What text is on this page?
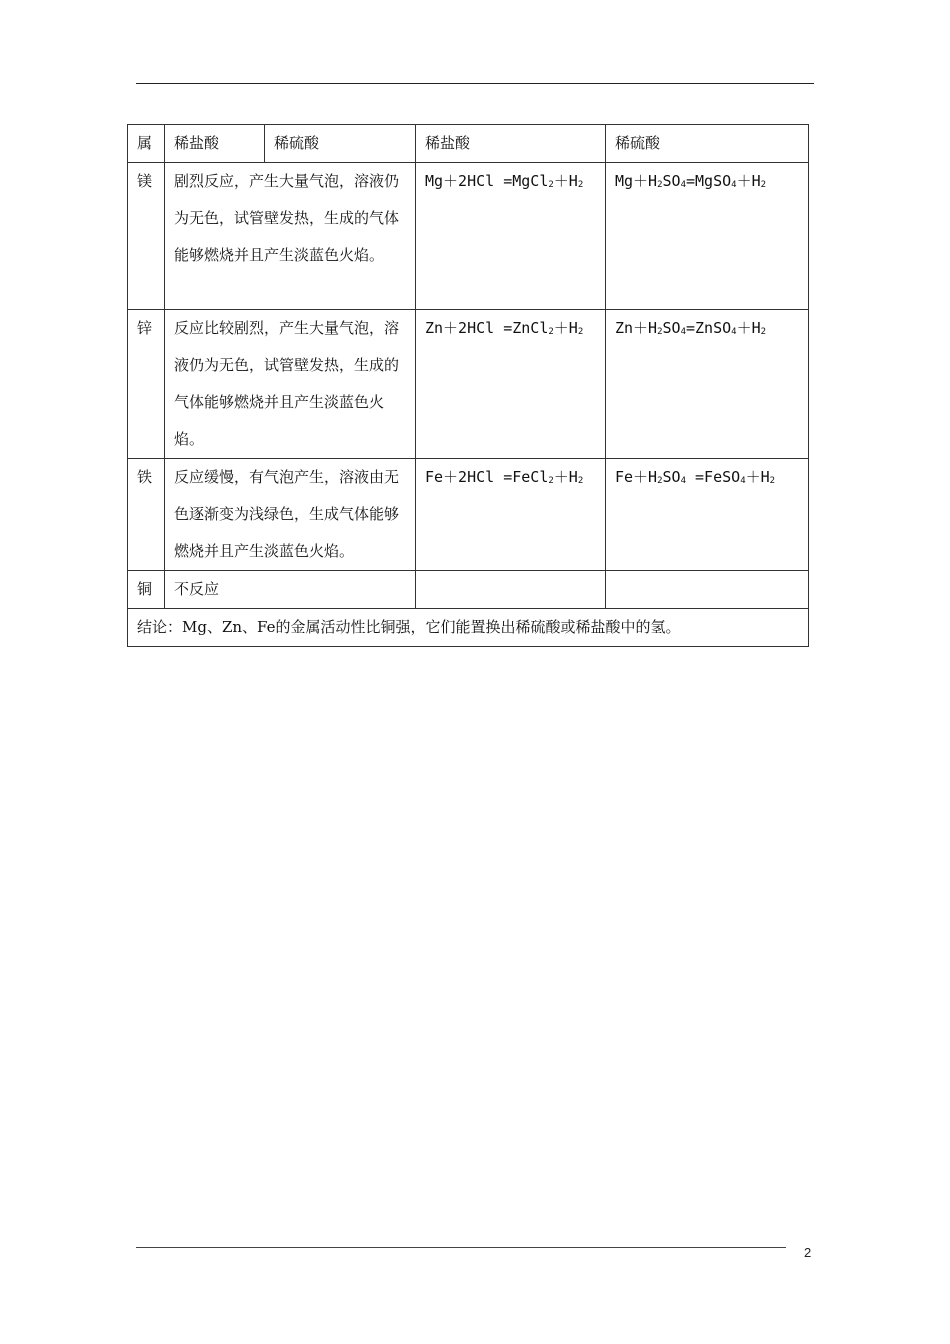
属	稀盐酸	稀硫酸	稀盐酸	稀硫酸
镁	剧烈反应，产生大量气泡，溶液仍为无色，试管壁发热，生成的气体能够燃烧并且产生淡蓝色火焰。		$Mg+2HCl =MgCl_2+H_2$	$Mg+H_2SO_4=MgSO_4+H_2$
锌	反应比较剧烈，产生大量气泡，溶液仍为无色，试管壁发热，生成的气体能够燃烧并且产生淡蓝色火焰。		$Zn+2HCl =ZnCl_2+H_2$	$Zn+H_2SO_4=ZnSO_4+H_2$
铁	反应缓慢，有气泡产生，溶液由无色逐渐变为浅绿色，生成气体能够燃烧并且产生淡蓝色火焰。		$Fe+2HCl =FeCl_2+H_2$	$Fe+H_2SO_4$ $=FeSO_4+H_2$
铜	不反应			
结论：Mg、Zn、Fe的金属活动性比铜强，它们能置换出稀硫酸或稀盐酸中的氢。				
2
